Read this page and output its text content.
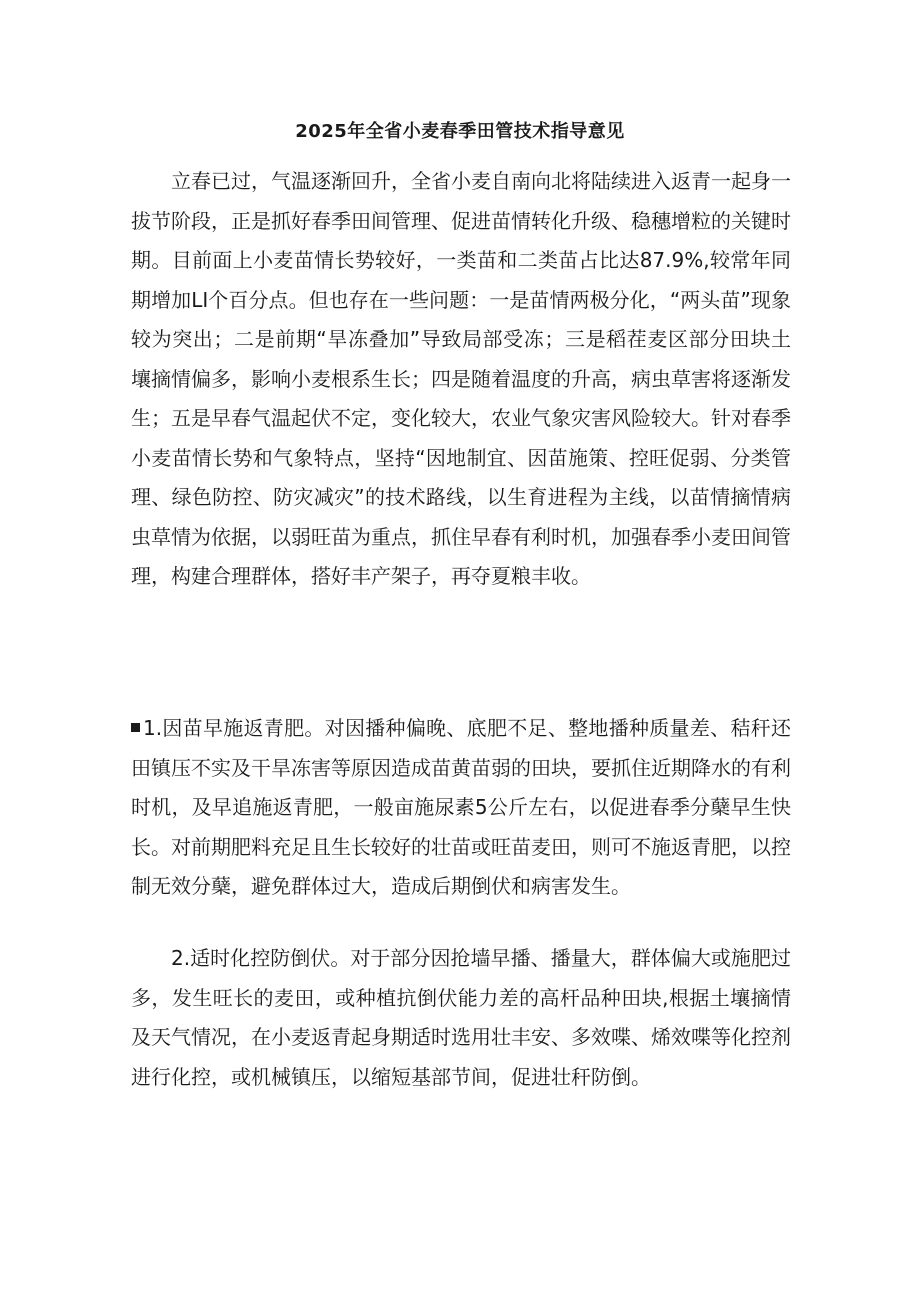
2025年全省小麦春季田管技术指导意见

立春已过，气温逐渐回升，全省小麦自南向北将陆续进入返青一起身一拔节阶段，正是抓好春季田间管理、促进苗情转化升级、稳穗增粒的关键时期。目前面上小麦苗情长势较好，一类苗和二类苗占比达87.9%,较常年同期增加LI个百分点。但也存在一些问题：一是苗情两极分化，“两头苗”现象较为突出；二是前期“旱冻叠加”导致局部受冻；三是稻茬麦区部分田块土壤摘情偏多，影响小麦根系生长；四是随着温度的升高，病虫草害将逐渐发生；五是早春气温起伏不定，变化较大，农业气象灾害风险较大。针对春季小麦苗情长势和气象特点，坚持“因地制宜、因苗施策、控旺促弱、分类管理、绿色防控、防灾减灾”的技术路线，以生育进程为主线，以苗情摘情病虫草情为依据，以弱旺苗为重点，抓住早春有利时机，加强春季小麦田间管理，构建合理群体，搭好丰产架子，再夺夏粮丰收。

1.因苗早施返青肥。对因播种偏晚、底肥不足、整地播种质量差、秸秆还田镇压不实及干旱冻害等原因造成苗黄苗弱的田块，要抓住近期降水的有利时机，及早追施返青肥，一般亩施尿素5公斤左右，以促进春季分蘖早生快长。对前期肥料充足且生长较好的壮苗或旺苗麦田，则可不施返青肥，以控制无效分蘖，避免群体过大，造成后期倒伏和病害发生。

2.适时化控防倒伏。对于部分因抢墙早播、播量大，群体偏大或施肥过多，发生旺长的麦田，或种植抗倒伏能力差的高杆品种田块,根据土壤摘情及天气情况，在小麦返青起身期适时选用壮丰安、多效喋、烯效喋等化控剂进行化控，或机械镇压，以缩短基部节间，促进壮秆防倒。
